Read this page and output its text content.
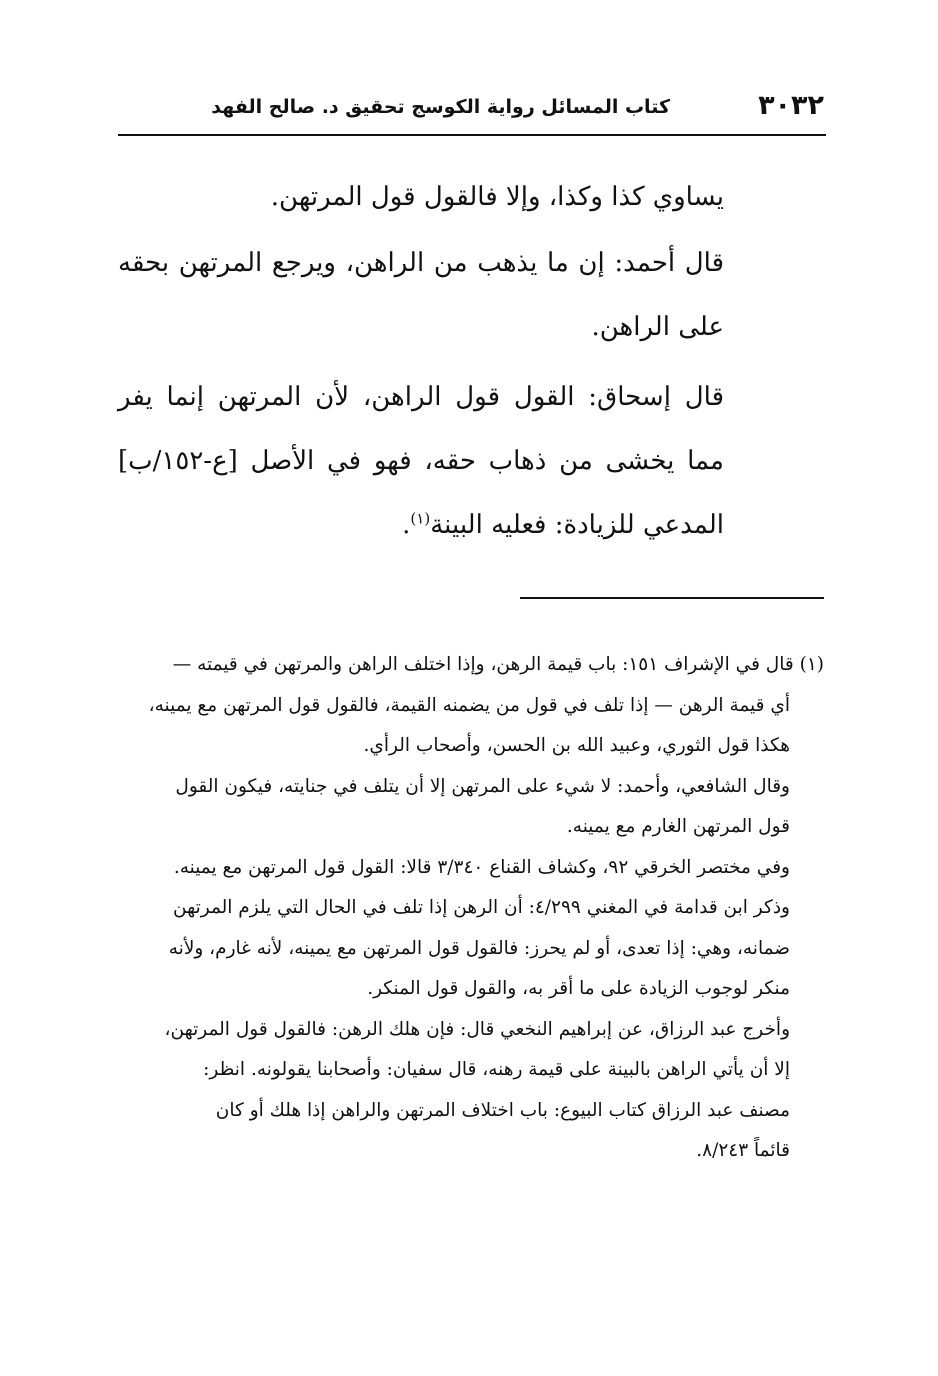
٣٠٣٢
كتاب المسائل رواية الكوسج تحقيق د. صالح الفهد

يساوي كذا وكذا، وإلا فالقول قول المرتهن.

قال أحمد: إن ما يذهب من الراهن، ويرجع المرتهن بحقه على الراهن.

قال إسحاق: القول قول الراهن، لأن المرتهن إنما يفر مما يخشى من ذهاب حقه، فهو في الأصل [ع-١٥٢/ب] المدعي للزيادة: فعليه البينة$^{(١)}$.

(١) قال في الإشراف ١٥١: باب قيمة الرهن، وإذا اختلف الراهن والمرتهن في قيمته —
أي قيمة الرهن — إذا تلف في قول من يضمنه القيمة، فالقول قول المرتهن مع يمينه،
هكذا قول الثوري، وعبيد الله بن الحسن، وأصحاب الرأي.
وقال الشافعي، وأحمد: لا شيء على المرتهن إلا أن يتلف في جنايته، فيكون القول
قول المرتهن الغارم مع يمينه.
وفي مختصر الخرقي ٩٢، وكشاف القناع ٣/٣٤٠ قالا: القول قول المرتهن مع يمينه.
وذكر ابن قدامة في المغني ٤/٢٩٩: أن الرهن إذا تلف في الحال التي يلزم المرتهن
ضمانه، وهي: إذا تعدى، أو لم يحرز: فالقول قول المرتهن مع يمينه، لأنه غارم، ولأنه
منكر لوجوب الزيادة على ما أقر به، والقول قول المنكر.
وأخرج عبد الرزاق، عن إبراهيم النخعي قال: فإن هلك الرهن: فالقول قول المرتهن،
إلا أن يأتي الراهن بالبينة على قيمة رهنه، قال سفيان: وأصحابنا يقولونه. انظر:
مصنف عبد الرزاق كتاب البيوع: باب اختلاف المرتهن والراهن إذا هلك أو كان
قائماً ٨/٢٤٣.
